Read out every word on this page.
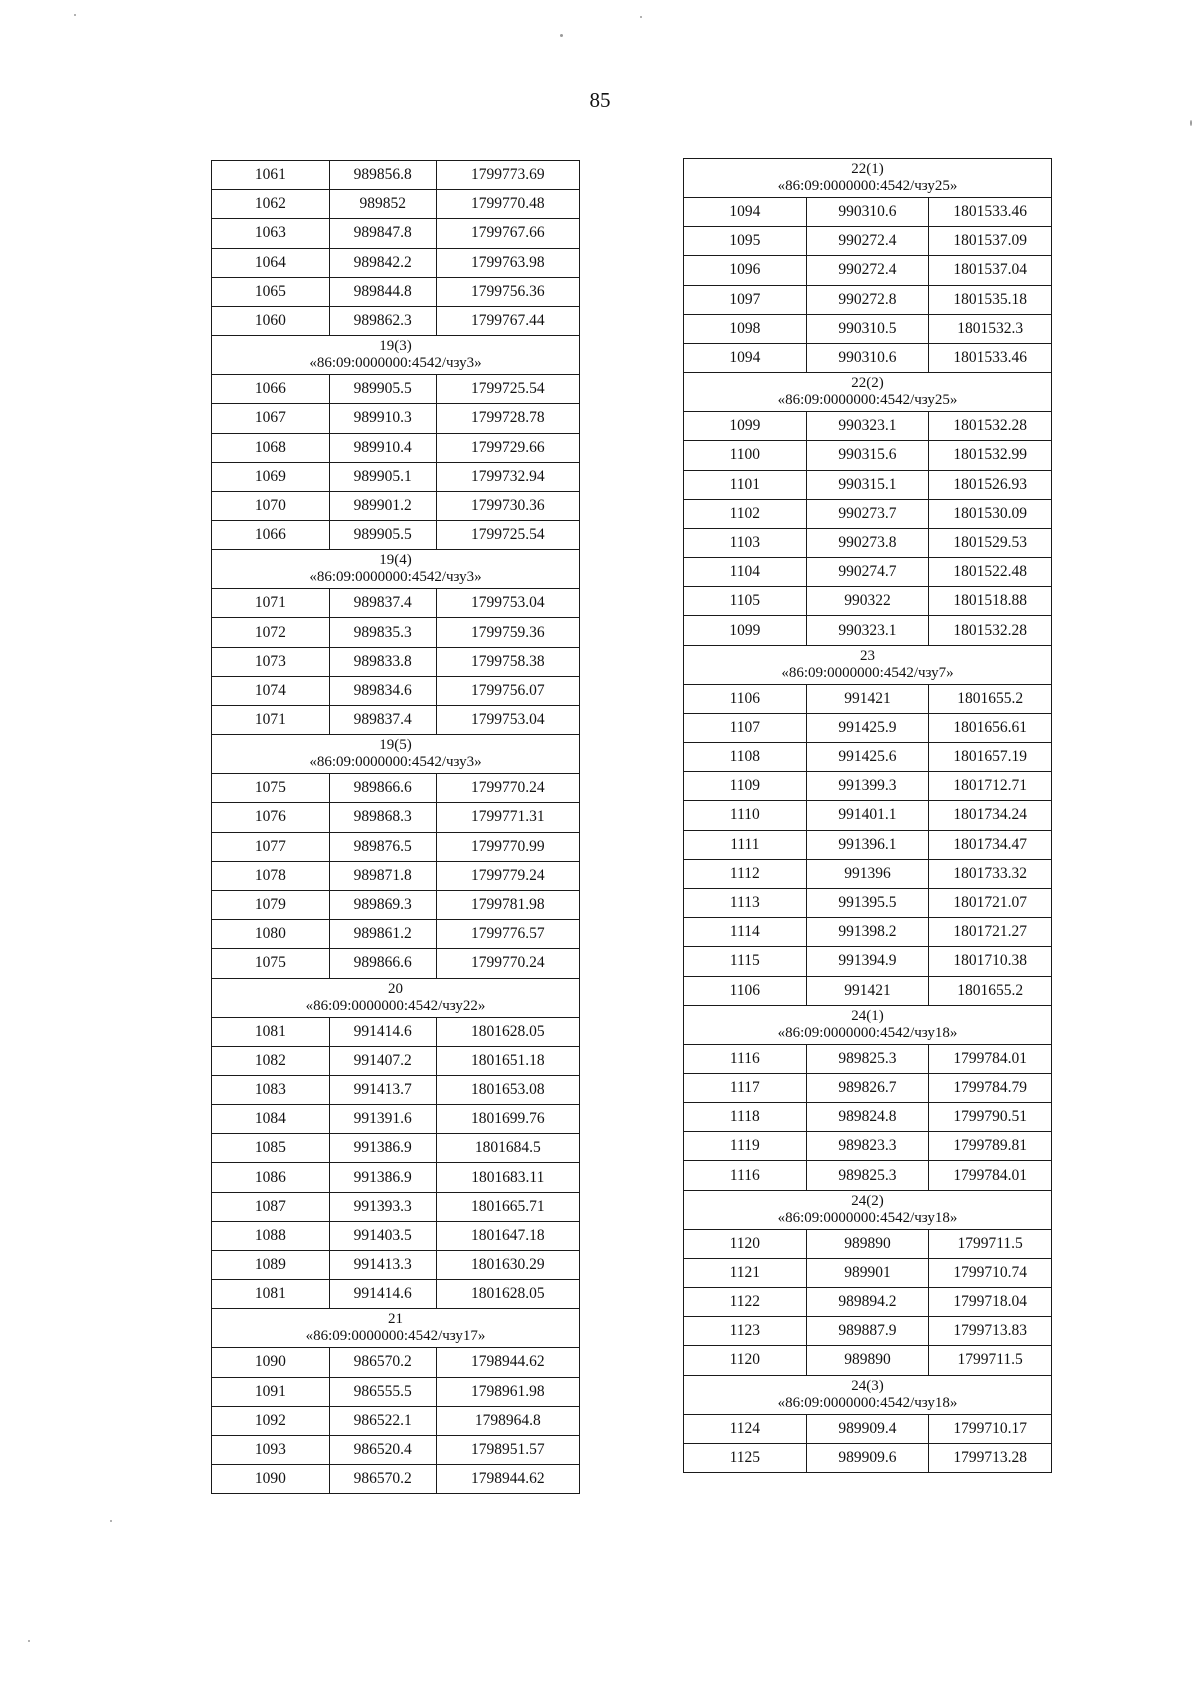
85
1061	989856.8	1799773.69
1062	989852	1799770.48
1063	989847.8	1799767.66
1064	989842.2	1799763.98
1065	989844.8	1799756.36
1060	989862.3	1799767.44

19(3)
«86:09:0000000:4542/чзу3»		

1066	989905.5	1799725.54
1067	989910.3	1799728.78
1068	989910.4	1799729.66
1069	989905.1	1799732.94
1070	989901.2	1799730.36
1066	989905.5	1799725.54

19(4)
«86:09:0000000:4542/чзу3»		

1071	989837.4	1799753.04
1072	989835.3	1799759.36
1073	989833.8	1799758.38
1074	989834.6	1799756.07
1071	989837.4	1799753.04

19(5)
«86:09:0000000:4542/чзу3»		

1075	989866.6	1799770.24
1076	989868.3	1799771.31
1077	989876.5	1799770.99
1078	989871.8	1799779.24
1079	989869.3	1799781.98
1080	989861.2	1799776.57
1075	989866.6	1799770.24

20
«86:09:0000000:4542/чзу22»		

1081	991414.6	1801628.05
1082	991407.2	1801651.18
1083	991413.7	1801653.08
1084	991391.6	1801699.76
1085	991386.9	1801684.5
1086	991386.9	1801683.11
1087	991393.3	1801665.71
1088	991403.5	1801647.18
1089	991413.3	1801630.29
1081	991414.6	1801628.05

21
«86:09:0000000:4542/чзу17»		

1090	986570.2	1798944.62
1091	986555.5	1798961.98
1092	986522.1	1798964.8
1093	986520.4	1798951.57
1090	986570.2	1798944.62
22(1)
«86:09:0000000:4542/чзу25»		

1094	990310.6	1801533.46
1095	990272.4	1801537.09
1096	990272.4	1801537.04
1097	990272.8	1801535.18
1098	990310.5	1801532.3
1094	990310.6	1801533.46

22(2)
«86:09:0000000:4542/чзу25»		

1099	990323.1	1801532.28
1100	990315.6	1801532.99
1101	990315.1	1801526.93
1102	990273.7	1801530.09
1103	990273.8	1801529.53
1104	990274.7	1801522.48
1105	990322	1801518.88
1099	990323.1	1801532.28

23
«86:09:0000000:4542/чзу7»		

1106	991421	1801655.2
1107	991425.9	1801656.61
1108	991425.6	1801657.19
1109	991399.3	1801712.71
1110	991401.1	1801734.24
1111	991396.1	1801734.47
1112	991396	1801733.32
1113	991395.5	1801721.07
1114	991398.2	1801721.27
1115	991394.9	1801710.38
1106	991421	1801655.2

24(1)
«86:09:0000000:4542/чзу18»		

1116	989825.3	1799784.01
1117	989826.7	1799784.79
1118	989824.8	1799790.51
1119	989823.3	1799789.81
1116	989825.3	1799784.01

24(2)
«86:09:0000000:4542/чзу18»		

1120	989890	1799711.5
1121	989901	1799710.74
1122	989894.2	1799718.04
1123	989887.9	1799713.83
1120	989890	1799711.5

24(3)
«86:09:0000000:4542/чзу18»		

1124	989909.4	1799710.17
1125	989909.6	1799713.28
